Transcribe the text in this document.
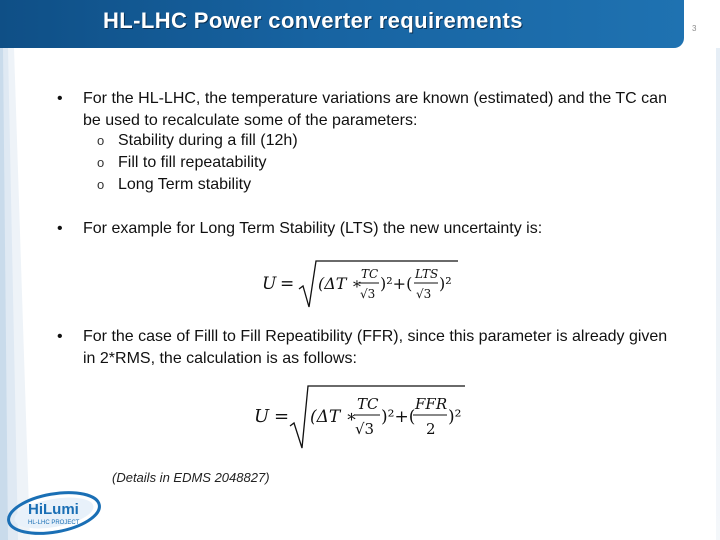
HL-LHC Power converter requirements	3
• For the HL-LHC, the temperature variations are known (estimated) and the TC can be used to recalculate some of the parameters:
o Stability during a fill (12h)
o Fill to fill repeatability
o Long Term stability
• For example for Long Term Stability (LTS) the new uncertainty is:
U = (ΔT ∗
TC
√3
)²+( LTS
√3
)²
• For the case of Filll to Fill Repeatibility (FFR), since this parameter is already given in 2*RMS, the calculation is as follows:
U = (ΔT ∗
TC
√3
)²+(
FFR
2
)²
(Details in EDMS 2048827)
HiLumi
HL-LHC PROJECT
